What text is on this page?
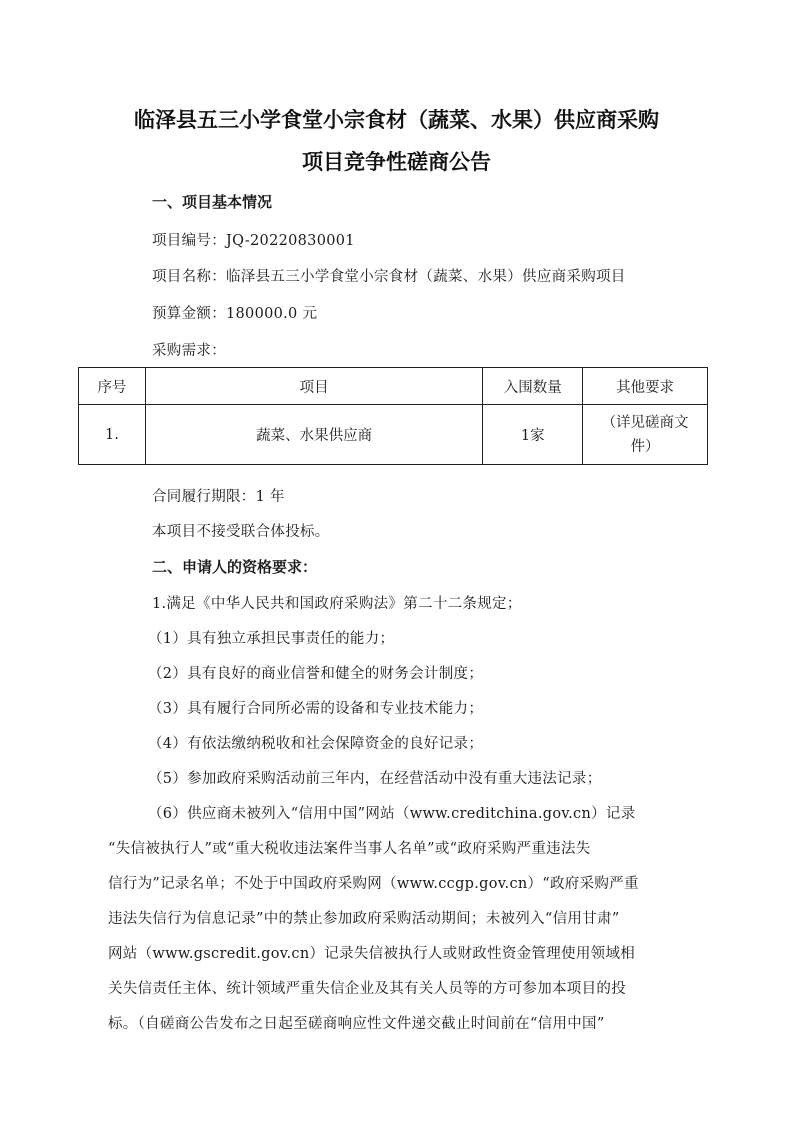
临泽县五三小学食堂小宗食材（蔬菜、水果）供应商采购
项目竞争性磋商公告
一、项目基本情况
项目编号：JQ-20220830001
项目名称：临泽县五三小学食堂小宗食材（蔬菜、水果）供应商采购项目
预算金额：180000.0 元
采购需求：
序号	项目	入围数量	其他要求
1.	蔬菜、水果供应商	1家	（详见磋商文
件）
合同履行期限：1 年
本项目不接受联合体投标。
二、申请人的资格要求：
1.满足《中华人民共和国政府采购法》第二十二条规定；
（1）具有独立承担民事责任的能力；
（2）具有良好的商业信誉和健全的财务会计制度；
（3）具有履行合同所必需的设备和专业技术能力；
（4）有依法缴纳税收和社会保障资金的良好记录；
（5）参加政府采购活动前三年内，在经营活动中没有重大违法记录；
（6）供应商未被列入“信用中国”网站（www.creditchina.gov.cn）记录
“失信被执行人”或“重大税收违法案件当事人名单”或“政府采购严重违法失
信行为”记录名单；不处于中国政府采购网（www.ccgp.gov.cn）“政府采购严重
违法失信行为信息记录”中的禁止参加政府采购活动期间；未被列入“信用甘肃”
网站（www.gscredit.gov.cn）记录失信被执行人或财政性资金管理使用领域相
关失信责任主体、统计领域严重失信企业及其有关人员等的方可参加本项目的投
标。（自磋商公告发布之日起至磋商响应性文件递交截止时间前在“信用中国”
